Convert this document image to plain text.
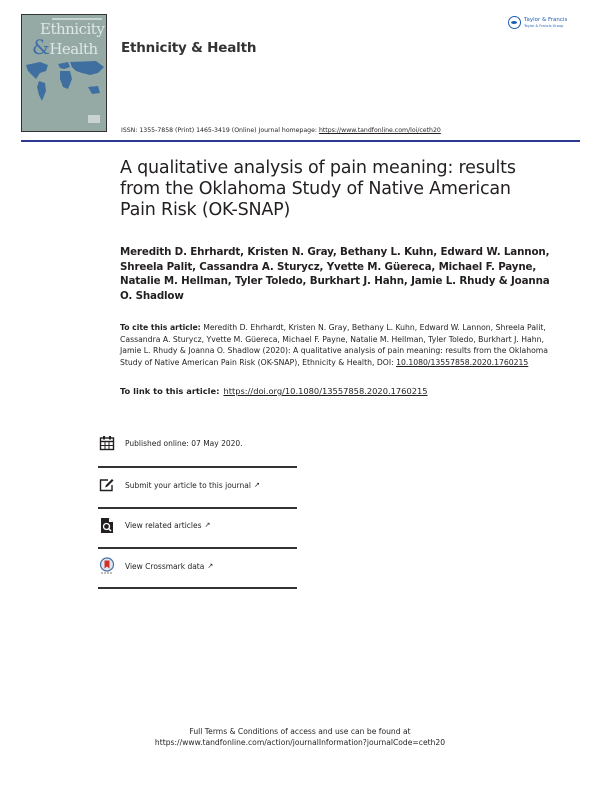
Ethnicity
&Health Ethnicity & Health
Taylor & Francis
Taylor & Francis Group
ISSN: 1355-7858 (Print) 1465-3419 (Online) Journal homepage: https://www.tandfonline.com/loi/ceth20
A qualitative analysis of pain meaning: results from the Oklahoma Study of Native American Pain Risk (OK-SNAP)
Meredith D. Ehrhardt, Kristen N. Gray, Bethany L. Kuhn, Edward W. Lannon, Shreela Palit, Cassandra A. Sturycz, Yvette M. Güereca, Michael F. Payne, Natalie M. Hellman, Tyler Toledo, Burkhart J. Hahn, Jamie L. Rhudy & Joanna O. Shadlow
To cite this article: Meredith D. Ehrhardt, Kristen N. Gray, Bethany L. Kuhn, Edward W. Lannon, Shreela Palit, Cassandra A. Sturycz, Yvette M. Güereca, Michael F. Payne, Natalie M. Hellman, Tyler Toledo, Burkhart J. Hahn, Jamie L. Rhudy & Joanna O. Shadlow (2020): A qualitative analysis of pain meaning: results from the Oklahoma Study of Native American Pain Risk (OK-SNAP), Ethnicity & Health, DOI: 10.1080/13557858.2020.1760215
To link to this article: https://doi.org/10.1080/13557858.2020.1760215
Published online: 07 May 2020.
Submit your article to this journal ↗
View related articles ↗
View Crossmark data ↗
Full Terms & Conditions of access and use can be found at
https://www.tandfonline.com/action/journalInformation?journalCode=ceth20
